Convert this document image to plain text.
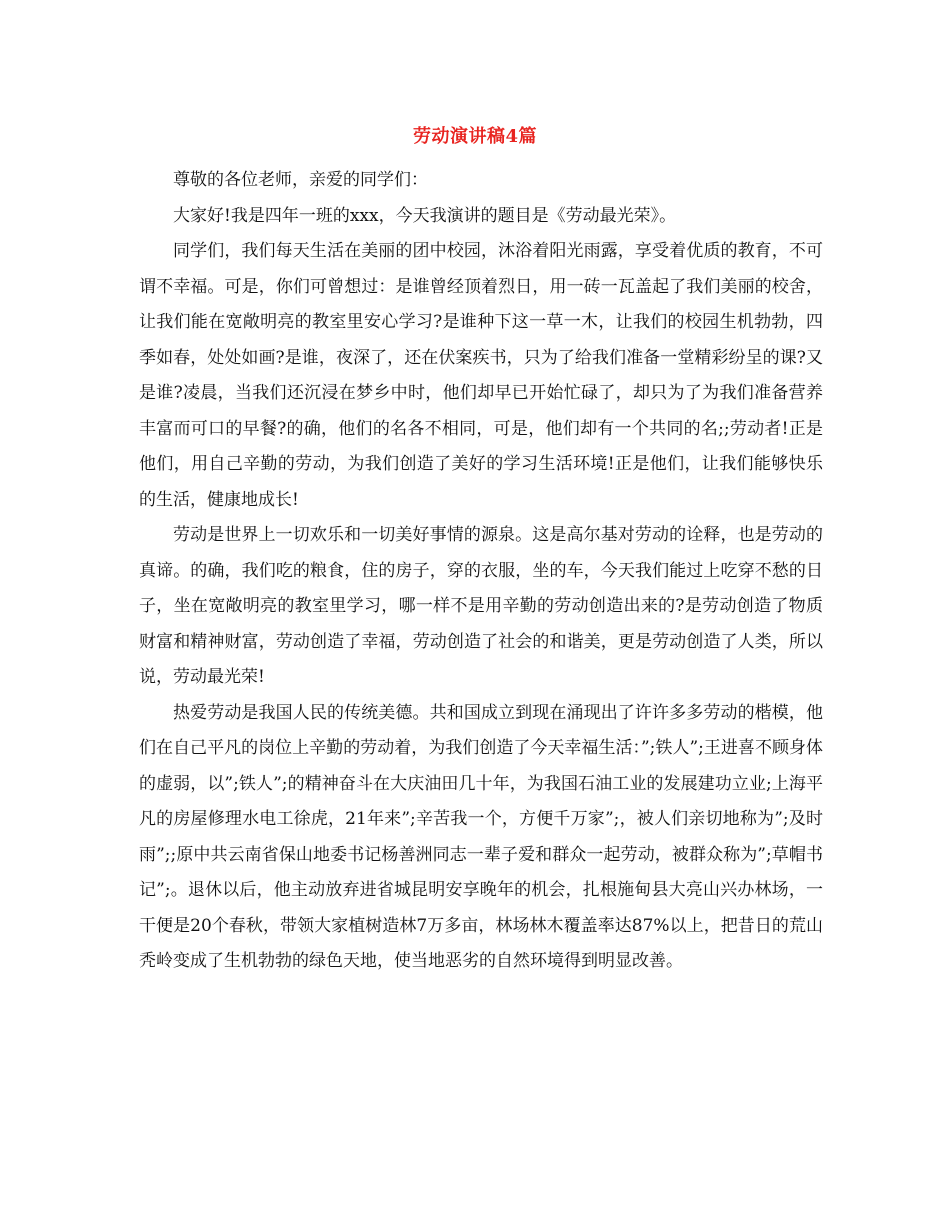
劳动演讲稿4篇

尊敬的各位老师，亲爱的同学们：

大家好!我是四年一班的xxx，今天我演讲的题目是《劳动最光荣》。

同学们，我们每天生活在美丽的团中校园，沐浴着阳光雨露，享受着优质的教育，不可谓不幸福。可是，你们可曾想过：是谁曾经顶着烈日，用一砖一瓦盖起了我们美丽的校舍，让我们能在宽敞明亮的教室里安心学习?是谁种下这一草一木，让我们的校园生机勃勃，四季如春，处处如画?是谁，夜深了，还在伏案疾书，只为了给我们准备一堂精彩纷呈的课?又是谁?凌晨，当我们还沉浸在梦乡中时，他们却早已开始忙碌了，却只为了为我们准备营养丰富而可口的早餐?的确，他们的名各不相同，可是，他们却有一个共同的名;;劳动者!正是他们，用自己辛勤的劳动，为我们创造了美好的学习生活环境!正是他们，让我们能够快乐的生活，健康地成长!

劳动是世界上一切欢乐和一切美好事情的源泉。这是高尔基对劳动的诠释，也是劳动的真谛。的确，我们吃的粮食，住的房子，穿的衣服，坐的车，今天我们能过上吃穿不愁的日子，坐在宽敞明亮的教室里学习，哪一样不是用辛勤的劳动创造出来的?是劳动创造了物质财富和精神财富，劳动创造了幸福，劳动创造了社会的和谐美，更是劳动创造了人类，所以说，劳动最光荣!

热爱劳动是我国人民的传统美德。共和国成立到现在涌现出了许许多多劳动的楷模，他们在自己平凡的岗位上辛勤的劳动着，为我们创造了今天幸福生活：”;铁人”;王进喜不顾身体的虚弱，以”;铁人”;的精神奋斗在大庆油田几十年，为我国石油工业的发展建功立业;上海平凡的房屋修理水电工徐虎，21年来”;辛苦我一个，方便千万家”;，被人们亲切地称为”;及时雨”;;原中共云南省保山地委书记杨善洲同志一辈子爱和群众一起劳动，被群众称为”;草帽书记”;。退休以后，他主动放弃进省城昆明安享晚年的机会，扎根施甸县大亮山兴办林场，一干便是20个春秋，带领大家植树造林7万多亩，林场林木覆盖率达87%以上，把昔日的荒山秃岭变成了生机勃勃的绿色天地，使当地恶劣的自然环境得到明显改善。
